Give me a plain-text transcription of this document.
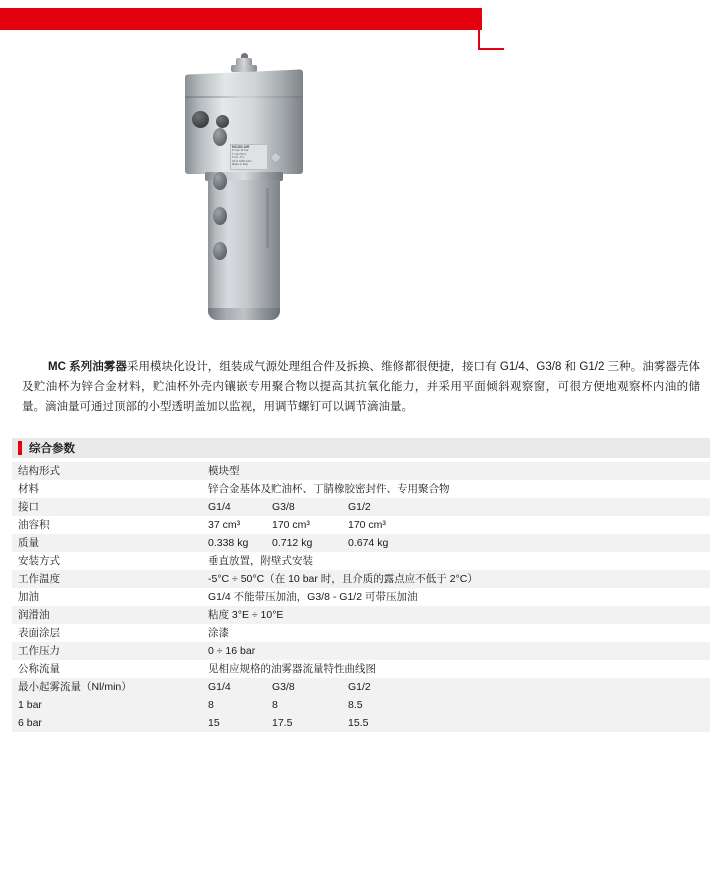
MC380 AIR
P max 16 bar
T max 50 C
Tmin -5 C
G1/4 G3/8 G1/2
Made in Italy

MC 系列油雾器采用模块化设计，组装成气源处理组合件及拆换、维修都很便捷，接口有 G1/4、G3/8 和 G1/2 三种。油雾器壳体及贮油杯为锌合金材料，贮油杯外壳内镶嵌专用聚合物以提高其抗氧化能力，并采用平面倾斜观察窗，可很方便地观察杯内油的储量。滴油量可通过顶部的小型透明盖加以监视，用调节螺钉可以调节滴油量。

综合参数
结构形式	模块型

材料	锌合金基体及贮油杯、丁腈橡胶密封件、专用聚合物

接口	G1/4 G3/8 G1/2

油容积	37 cm³ 170 cm³ 170 cm³

质量	0.338 kg 0.712 kg 0.674 kg

安装方式	垂直放置，附壁式安装

工作温度	-5°C ÷ 50°C（在 10 bar 时，且介质的露点应不低于 2°C）

加油	G1/4 不能带压加油，G3/8 - G1/2 可带压加油

润滑油	粘度 3°E ÷ 10°E

表面涂层	涂漆

工作压力	0 ÷ 16 bar

公称流量	见相应规格的油雾器流量特性曲线图

最小起雾流量（Nl/min）	G1/4 G3/8 G1/2

1 bar	8 8 8.5

6 bar	15 17.5 15.5
